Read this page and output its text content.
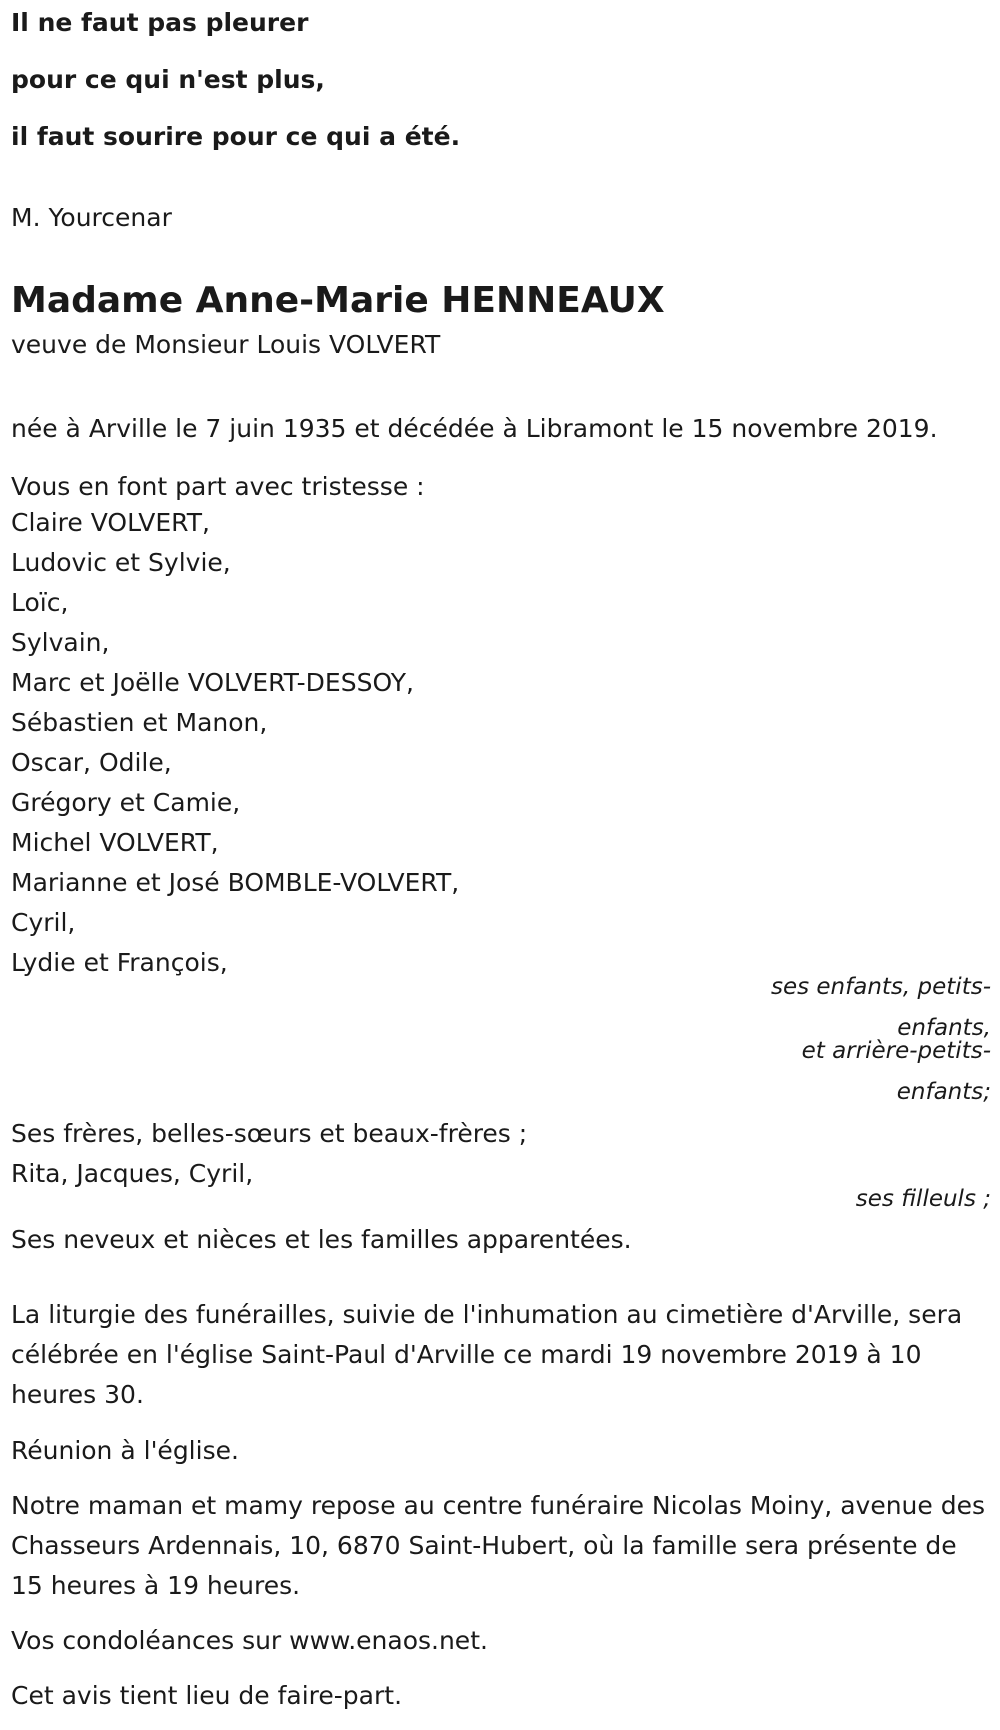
Il ne faut pas pleurer

pour ce qui n'est plus,

il faut sourire pour ce qui a été.

M. Yourcenar

Madame Anne-Marie HENNEAUX

veuve de Monsieur Louis VOLVERT

née à Arville le 7 juin 1935 et décédée à Libramont le 15 novembre 2019.

Vous en font part avec tristesse :

Claire VOLVERT,
Ludovic et Sylvie,
Loïc,
Sylvain,
Marc et Joëlle VOLVERT-DESSOY,
Sébastien et Manon,
Oscar, Odile,
Grégory et Camie,
Michel VOLVERT,
Marianne et José BOMBLE-VOLVERT,
Cyril,
Lydie et François,

ses enfants, petits-enfants,

et arrière-petits-enfants;

Ses frères, belles-sœurs et beaux-frères ;

Rita, Jacques, Cyril,

ses filleuls ;

Ses neveux et nièces et les familles apparentées.

La liturgie des funérailles, suivie de l'inhumation au cimetière d'Arville, sera célébrée en l'église Saint-Paul d'Arville ce mardi 19 novembre 2019 à 10 heures 30.

Réunion à l'église.

Notre maman et mamy repose au centre funéraire Nicolas Moiny, avenue des Chasseurs Ardennais, 10, 6870 Saint-Hubert, où la famille sera présente de 15 heures à 19 heures.

Vos condoléances sur www.enaos.net.

Cet avis tient lieu de faire-part.
